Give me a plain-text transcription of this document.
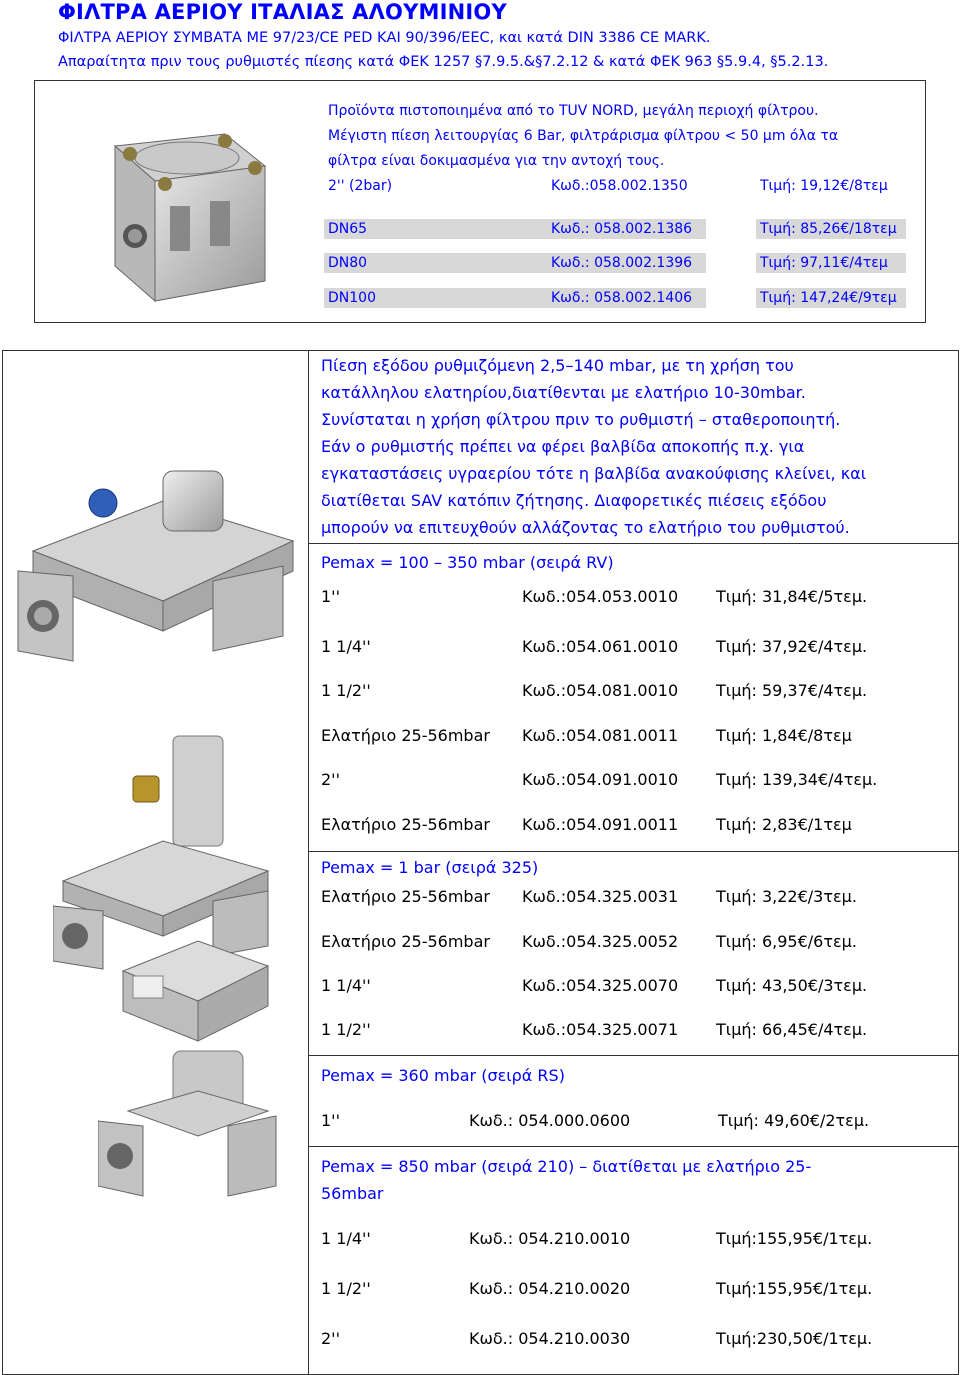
ΦΙΛΤΡΑ ΑΕΡΙΟΥ ΙΤΑΛΙΑΣ ΑΛΟΥΜΙΝΙΟΥ
ΦΙΛΤΡΑ ΑΕΡΙΟΥ ΣΥΜΒΑΤΑ ΜΕ 97/23/CE PED ΚΑΙ 90/396/EEC, και κατά DIN 3386 CE MARK.
Απαραίτητα πριν τους ρυθμιστές πίεσης κατά ΦΕΚ 1257 §7.9.5.&§7.2.12 & κατά ΦΕΚ 963 §5.9.4, §5.2.13.
Προϊόντα πιστοποιημένα από το TUV NORD, μεγάλη περιοχή φίλτρου.
Μέγιστη πίεση λειτουργίας 6 Bar, φιλτράρισμα φίλτρου < 50 μm όλα τα
φίλτρα είναι δοκιμασμένα για την αντοχή τους.
2'' (2bar)	Κωδ.:058.002.1350	Τιμή: 19,12€/8τεμ
DN65	Κωδ.: 058.002.1386	Τιμή: 85,26€/18τεμ
DN80	Κωδ.: 058.002.1396	Τιμή: 97,11€/4τεμ
DN100	Κωδ.: 058.002.1406	Τιμή: 147,24€/9τεμ
Πίεση εξόδου ρυθμιζόμενη 2,5–140 mbar, με τη χρήση του
κατάλληλου ελατηρίου,διατίθενται με ελατήριο 10-30mbar.
Συνίσταται η χρήση φίλτρου πριν το ρυθμιστή – σταθεροποιητή.
Εάν ο ρυθμιστής πρέπει να φέρει βαλβίδα αποκοπής π.χ. για
εγκαταστάσεις υγραερίου τότε η βαλβίδα ανακούφισης κλείνει, και
διατίθεται SAV κατόπιν ζήτησης. Διαφορετικές πιέσεις εξόδου
μπορούν να επιτευχθούν αλλάζοντας το ελατήριο του ρυθμιστού.
Pemax = 100 – 350 mbar (σειρά RV)
1''	Κωδ.:054.053.0010 Τιμή: 31,84€/5τεμ.
1 1/4''	Κωδ.:054.061.0010 Τιμή: 37,92€/4τεμ.
1 1/2''	Κωδ.:054.081.0010 Τιμή: 59,37€/4τεμ.
Ελατήριο 25-56mbar Κωδ.:054.081.0011 Τιμή: 1,84€/8τεμ
2''	Κωδ.:054.091.0010 Τιμή: 139,34€/4τεμ.
Ελατήριο 25-56mbar Κωδ.:054.091.0011 Τιμή: 2,83€/1τεμ
Pemax = 1 bar (σειρά 325)
Ελατήριο 25-56mbar Κωδ.:054.325.0031 Τιμή: 3,22€/3τεμ.
Ελατήριο 25-56mbar Κωδ.:054.325.0052 Τιμή: 6,95€/6τεμ.
1 1/4''	Κωδ.:054.325.0070 Τιμή: 43,50€/3τεμ.
1 1/2''	Κωδ.:054.325.0071 Τιμή: 66,45€/4τεμ.
Pemax = 360 mbar (σειρά RS)
1''	Κωδ.: 054.000.0600	Τιμή: 49,60€/2τεμ.
Pemax = 850 mbar (σειρά 210) – διατίθεται με ελατήριο 25-
56mbar
1 1/4''	Κωδ.: 054.210.0010	Τιμή:155,95€/1τεμ.
1 1/2''	Κωδ.: 054.210.0020	Τιμή:155,95€/1τεμ.
2''	Κωδ.: 054.210.0030	Τιμή:230,50€/1τεμ.
